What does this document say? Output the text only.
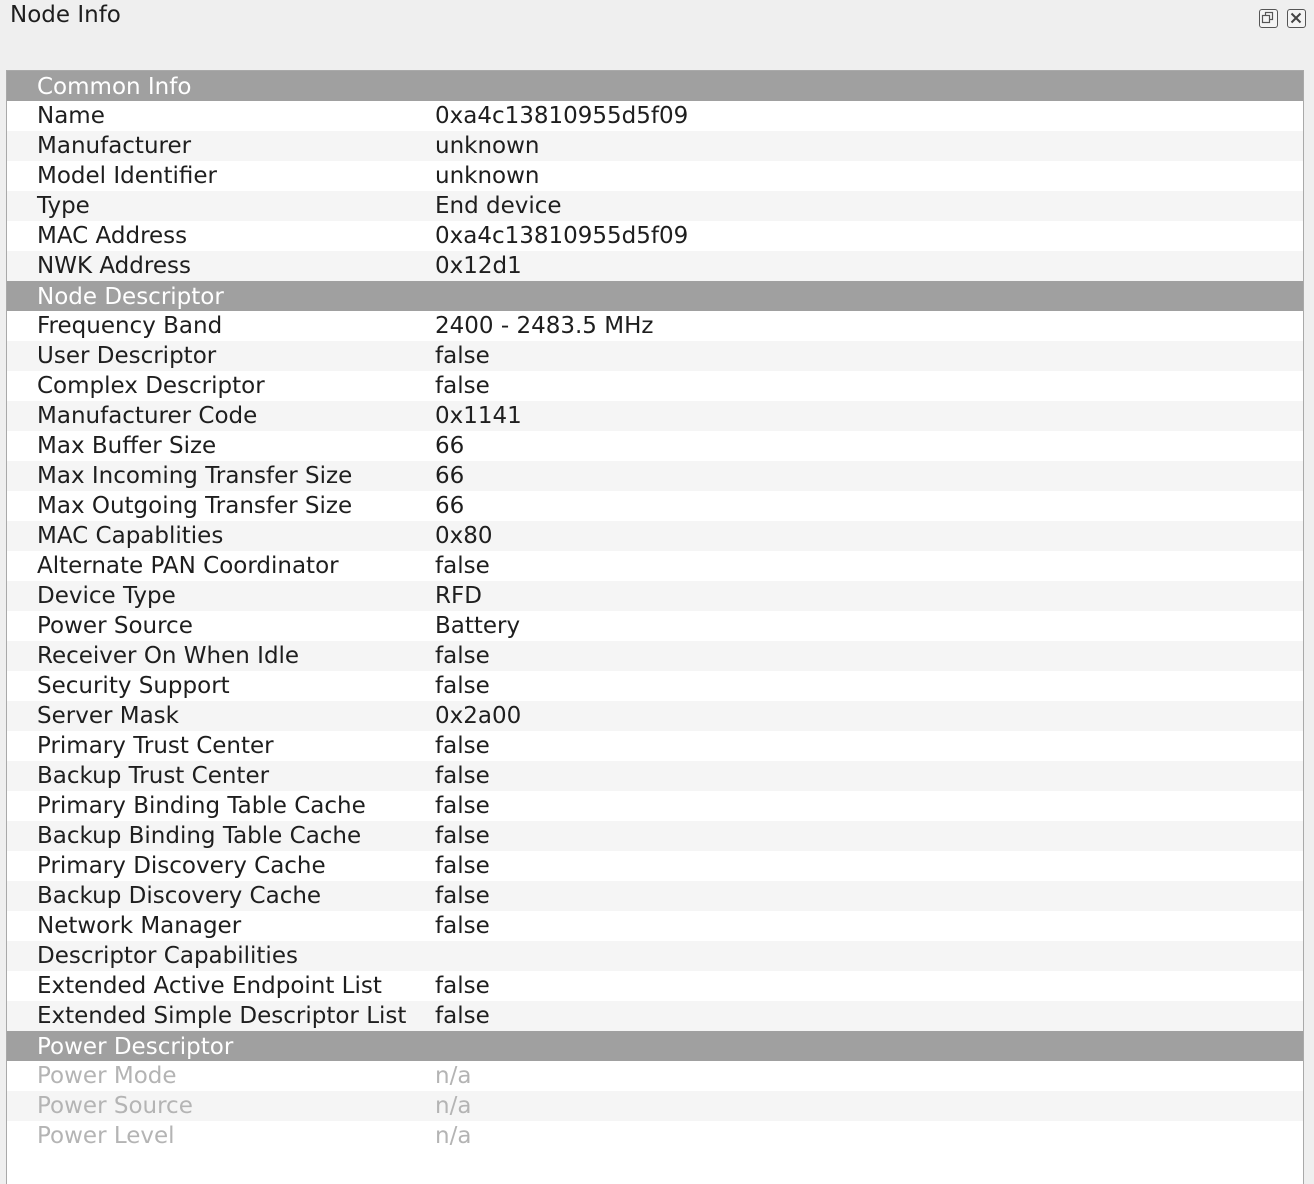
Node Info
Common Info
Name	0xa4c13810955d5f09
Manufacturer	unknown
Model Identifier	unknown
Type	End device
MAC Address	0xa4c13810955d5f09
NWK Address	0x12d1
Node Descriptor
Frequency Band	2400 - 2483.5 MHz
User Descriptor	false
Complex Descriptor	false
Manufacturer Code	0x1141
Max Buffer Size	66
Max Incoming Transfer Size	66
Max Outgoing Transfer Size	66
MAC Capablities	0x80
Alternate PAN Coordinator	false
Device Type	RFD
Power Source	Battery
Receiver On When Idle	false
Security Support	false
Server Mask	0x2a00
Primary Trust Center	false
Backup Trust Center	false
Primary Binding Table Cache	false
Backup Binding Table Cache	false
Primary Discovery Cache	false
Backup Discovery Cache	false
Network Manager	false
Descriptor Capabilities
Extended Active Endpoint List false
Extended Simple Descriptor List false
Power Descriptor
Power Mode	n/a
Power Source	n/a
Power Level	n/a
